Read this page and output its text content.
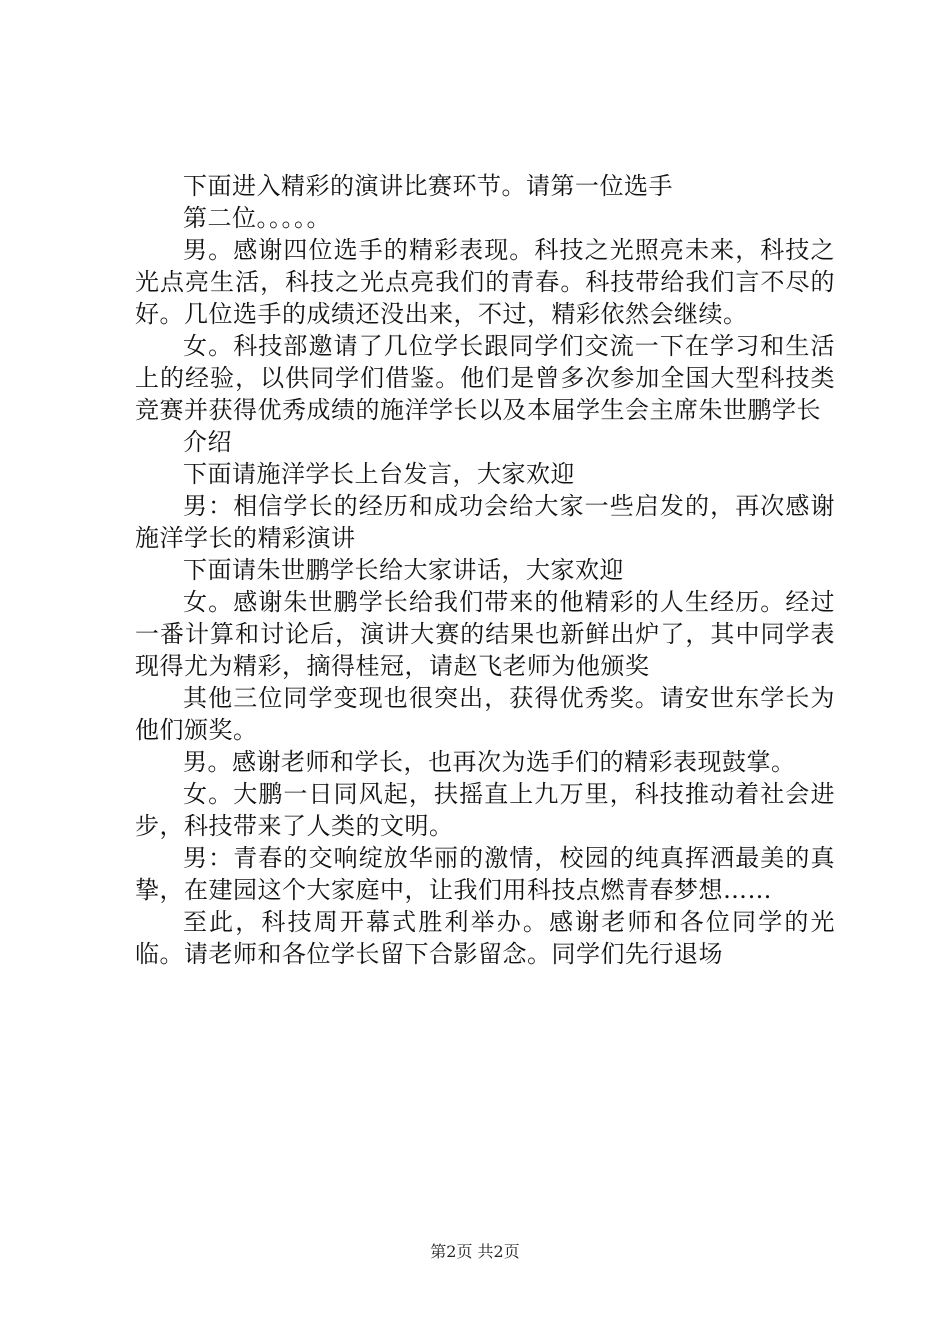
下面进入精彩的演讲比赛环节。请第一位选手

第二位。。。。。

男。感谢四位选手的精彩表现。科技之光照亮未来，科技之光点亮生活，科技之光点亮我们的青春。科技带给我们言不尽的好。几位选手的成绩还没出来，不过，精彩依然会继续。

女。科技部邀请了几位学长跟同学们交流一下在学习和生活上的经验，以供同学们借鉴。他们是曾多次参加全国大型科技类竞赛并获得优秀成绩的施洋学长以及本届学生会主席朱世鹏学长

介绍

下面请施洋学长上台发言，大家欢迎

男：相信学长的经历和成功会给大家一些启发的，再次感谢施洋学长的精彩演讲

下面请朱世鹏学长给大家讲话，大家欢迎

女。感谢朱世鹏学长给我们带来的他精彩的人生经历。经过一番计算和讨论后，演讲大赛的结果也新鲜出炉了，其中同学表现得尤为精彩，摘得桂冠，请赵飞老师为他颁奖

其他三位同学变现也很突出，获得优秀奖。请安世东学长为他们颁奖。

男。感谢老师和学长，也再次为选手们的精彩表现鼓掌。

女。大鹏一日同风起，扶摇直上九万里，科技推动着社会进步，科技带来了人类的文明。

男：青春的交响绽放华丽的激情，校园的纯真挥洒最美的真挚，在建园这个大家庭中，让我们用科技点燃青春梦想……

至此，科技周开幕式胜利举办。感谢老师和各位同学的光临。请老师和各位学长留下合影留念。同学们先行退场

第2页 共2页
